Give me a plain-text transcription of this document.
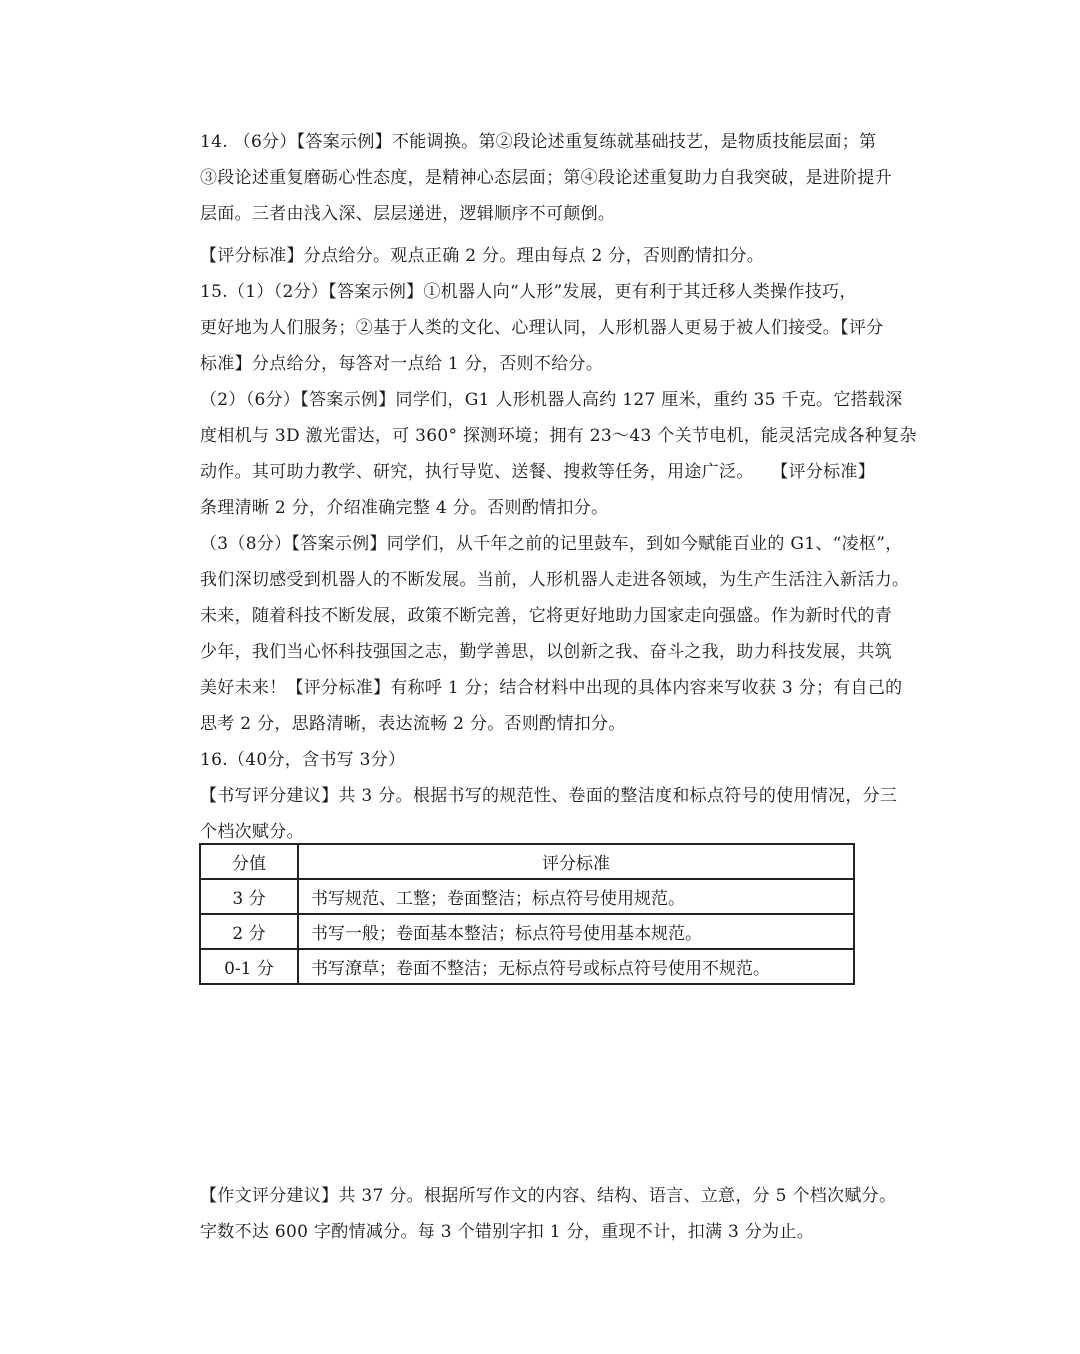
14. （6分）【答案示例】不能调换。第②段论述重复练就基础技艺，是物质技能层面；第
③段论述重复磨砺心性态度，是精神心态层面；第④段论述重复助力自我突破，是进阶提升
层面。三者由浅入深、层层递进，逻辑顺序不可颠倒。
【评分标准】分点给分。观点正确 2 分。理由每点 2 分，否则酌情扣分。
15.（1）（2分）【答案示例】①机器人向“人形”发展，更有利于其迁移人类操作技巧，
更好地为人们服务；②基于人类的文化、心理认同，人形机器人更易于被人们接受。【评分
标准】分点给分，每答对一点给 1 分，否则不给分。
（2）（6分）【答案示例】同学们，G1 人形机器人高约 127 厘米，重约 35 千克。它搭载深
度相机与 3D 激光雷达，可 360° 探测环境；拥有 23～43 个关节电机，能灵活完成各种复杂
动作。其可助力教学、研究，执行导览、送餐、搜救等任务，用途广泛。　　【评分标准】
条理清晰 2 分，介绍准确完整 4 分。否则酌情扣分。
（3（8分）【答案示例】同学们，从千年之前的记里鼓车，到如今赋能百业的 G1、“凌枢”，
我们深切感受到机器人的不断发展。当前，人形机器人走进各领域，为生产生活注入新活力。
未来，随着科技不断发展，政策不断完善，它将更好地助力国家走向强盛。作为新时代的青
少年，我们当心怀科技强国之志，勤学善思，以创新之我、奋斗之我，助力科技发展，共筑
美好未来！【评分标准】有称呼 1 分；结合材料中出现的具体内容来写收获 3 分；有自己的
思考 2 分，思路清晰，表达流畅 2 分。否则酌情扣分。
16.（40分，含书写 3分）
【书写评分建议】共 3 分。根据书写的规范性、卷面的整洁度和标点符号的使用情况，分三
个档次赋分。
分值	评分标准
3 分	书写规范、工整；卷面整洁；标点符号使用规范。
2 分	书写一般；卷面基本整洁；标点符号使用基本规范。
0-1 分	书写潦草；卷面不整洁；无标点符号或标点符号使用不规范。
【作文评分建议】共 37 分。根据所写作文的内容、结构、语言、立意，分 5 个档次赋分。
字数不达 600 字酌情减分。每 3 个错别字扣 1 分，重现不计，扣满 3 分为止。
